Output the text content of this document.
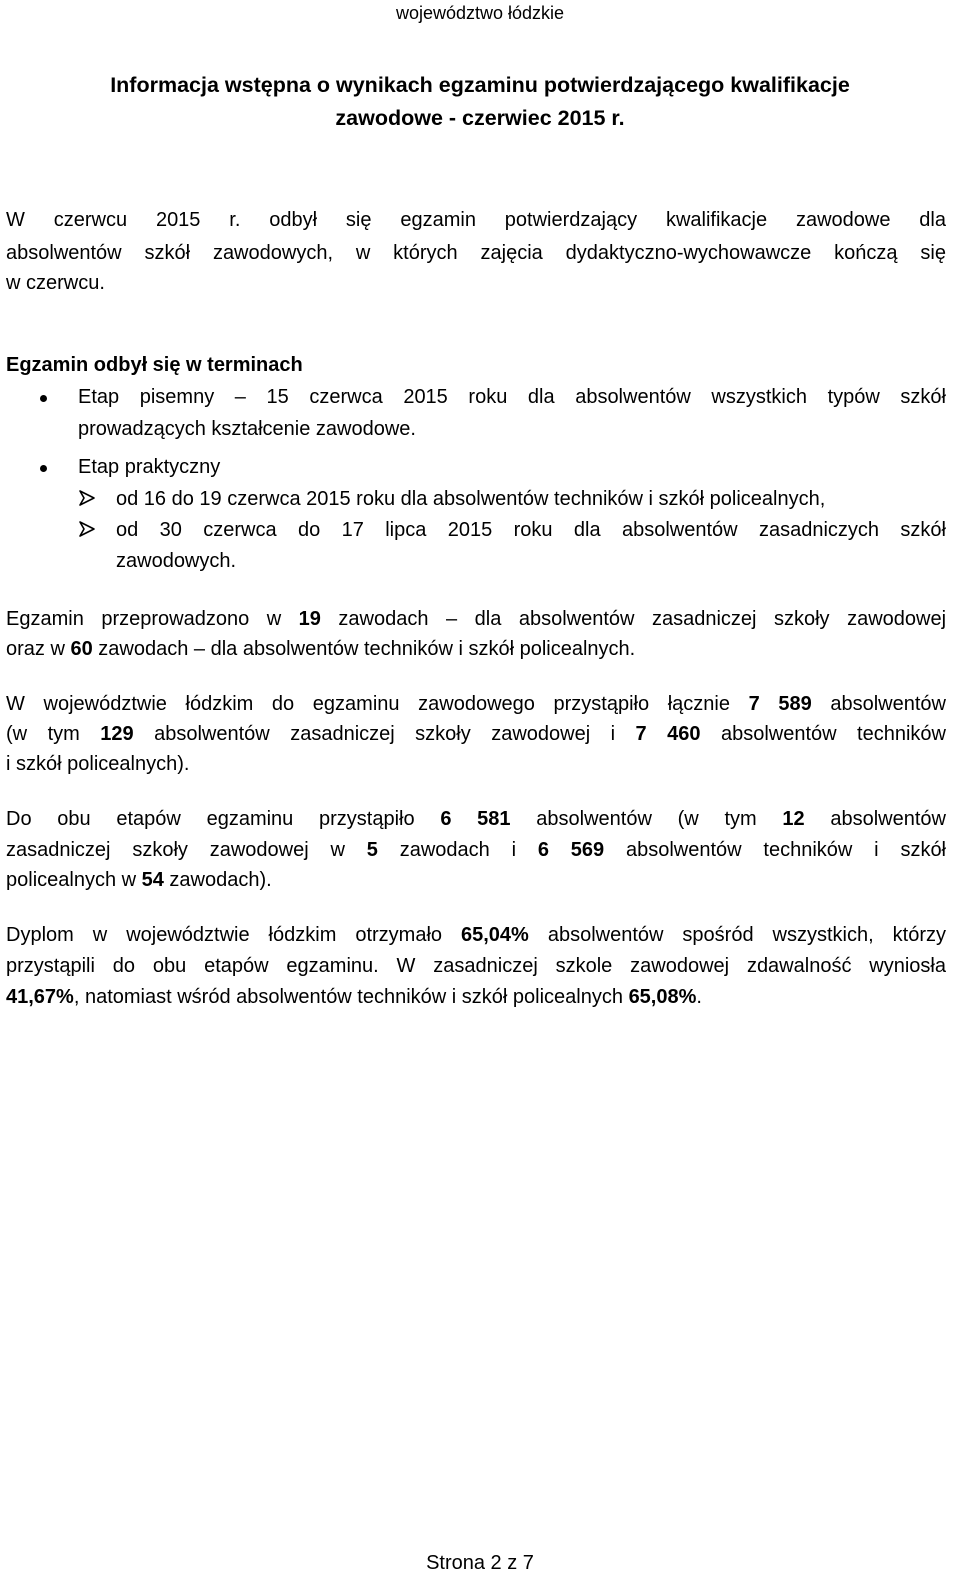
województwo łódzkie
Informacja wstępna o wynikach egzaminu potwierdzającego kwalifikacje
zawodowe - czerwiec 2015 r.
W czerwcu 2015 r. odbył się egzamin potwierdzający kwalifikacje zawodowe dla
absolwentów szkół zawodowych, w których zajęcia dydaktyczno-wychowawcze kończą się
w czerwcu.
Egzamin odbył się w terminach
Etap pisemny – 15 czerwca 2015 roku dla absolwentów wszystkich typów szkół
prowadzących kształcenie zawodowe.
Etap praktyczny
od 16 do 19 czerwca 2015 roku dla absolwentów techników i szkół policealnych,
od 30 czerwca do 17 lipca 2015 roku dla absolwentów zasadniczych szkół
zawodowych.
Egzamin przeprowadzono w 19 zawodach – dla absolwentów zasadniczej szkoły zawodowej
oraz w 60 zawodach – dla absolwentów techników i szkół policealnych.
W województwie łódzkim do egzaminu zawodowego przystąpiło łącznie 7 589 absolwentów
(w tym 129 absolwentów zasadniczej szkoły zawodowej i 7 460 absolwentów techników
i szkół policealnych).
Do obu etapów egzaminu przystąpiło 6 581 absolwentów (w tym 12 absolwentów
zasadniczej szkoły zawodowej w 5 zawodach i 6 569 absolwentów techników i szkół
policealnych w 54 zawodach).
Dyplom w województwie łódzkim otrzymało 65,04% absolwentów spośród wszystkich, którzy
przystąpili do obu etapów egzaminu. W zasadniczej szkole zawodowej zdawalność wyniosła
41,67%, natomiast wśród absolwentów techników i szkół policealnych 65,08%.
Strona 2 z 7
